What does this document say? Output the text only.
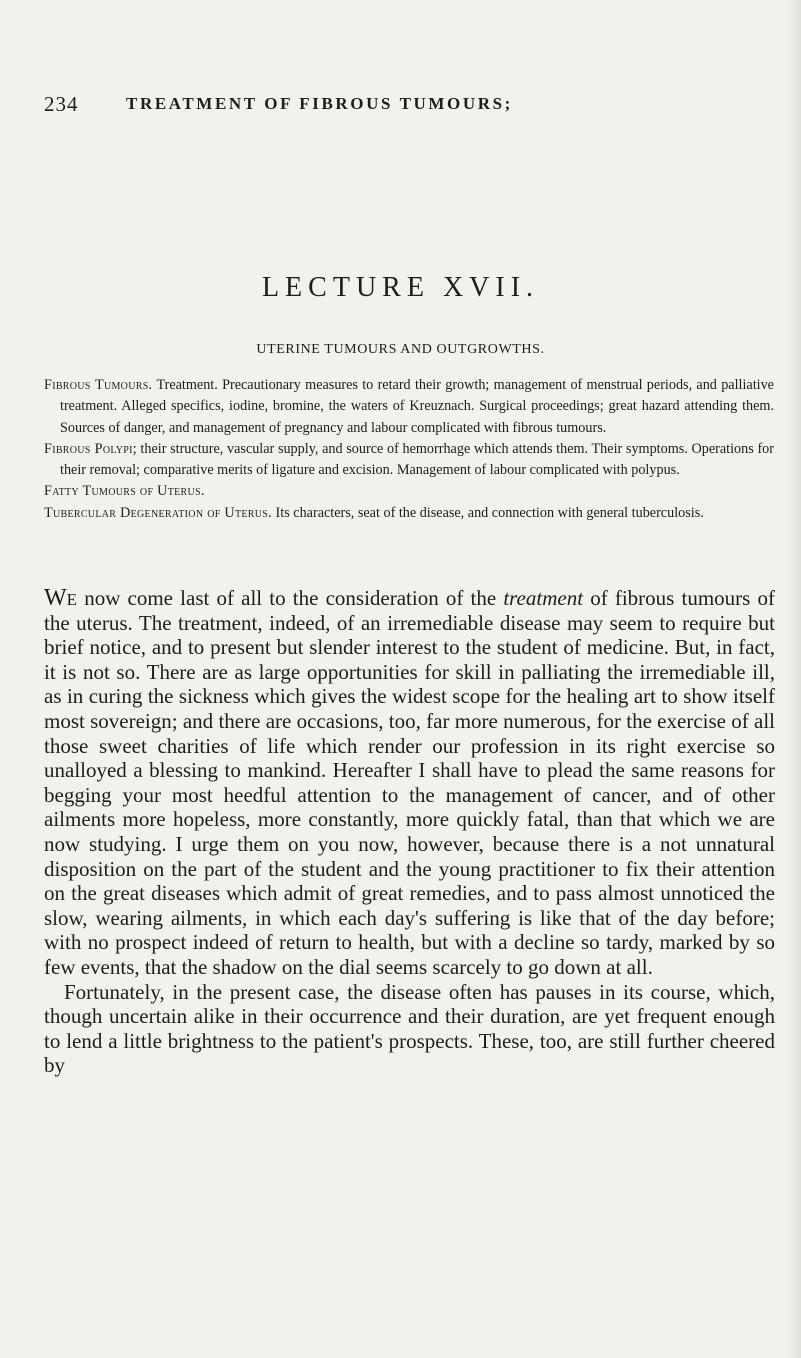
234	TREATMENT OF FIBROUS TUMOURS;
LECTURE XVII.
UTERINE TUMOURS AND OUTGROWTHS.

Fibrous Tumours. Treatment. Precautionary measures to retard their growth; management of menstrual periods, and palliative treatment. Alleged specifics, iodine, bromine, the waters of Kreuznach. Surgical proceedings; great hazard attending them. Sources of danger, and management of pregnancy and labour complicated with fibrous tumours.

Fibrous Polypi; their structure, vascular supply, and source of hemorrhage which attends them. Their symptoms. Operations for their removal; comparative merits of ligature and excision. Management of labour complicated with polypus.

Fatty Tumours of Uterus.

Tubercular Degeneration of Uterus. Its characters, seat of the disease, and connection with general tuberculosis.

We now come last of all to the consideration of the treatment of fibrous tumours of the uterus. The treatment, indeed, of an irremediable disease may seem to require but brief notice, and to present but slender interest to the student of medicine. But, in fact, it is not so. There are as large opportunities for skill in palliating the irremediable ill, as in curing the sickness which gives the widest scope for the healing art to show itself most sovereign; and there are occasions, too, far more numerous, for the exercise of all those sweet charities of life which render our profession in its right exercise so unalloyed a blessing to mankind. Hereafter I shall have to plead the same reasons for begging your most heedful attention to the management of cancer, and of other ailments more hopeless, more constantly, more quickly fatal, than that which we are now studying. I urge them on you now, however, because there is a not unnatural disposition on the part of the student and the young practitioner to fix their attention on the great diseases which admit of great remedies, and to pass almost unnoticed the slow, wearing ailments, in which each day's suffering is like that of the day before; with no prospect indeed of return to health, but with a decline so tardy, marked by so few events, that the shadow on the dial seems scarcely to go down at all.

Fortunately, in the present case, the disease often has pauses in its course, which, though uncertain alike in their occurrence and their duration, are yet frequent enough to lend a little brightness to the patient's prospects. These, too, are still further cheered by
